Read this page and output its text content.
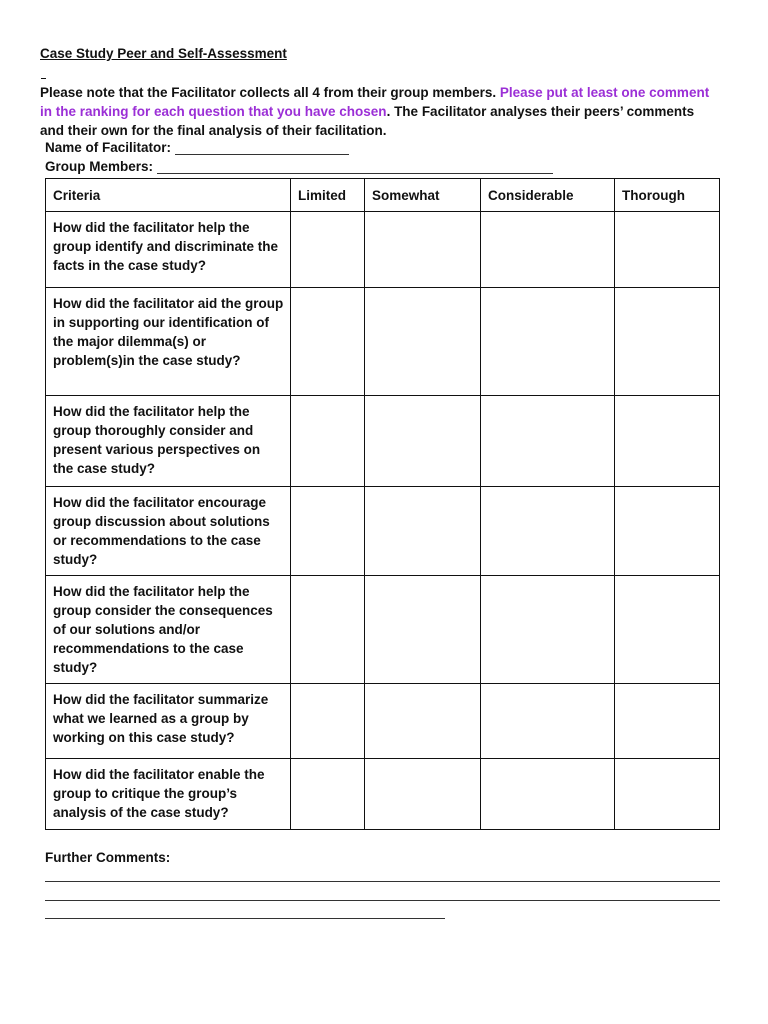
Case Study Peer and Self-Assessment
Please note that the Facilitator collects all 4 from their group members. Please put at least one comment in the ranking for each question that you have chosen. The Facilitator analyses their peers’ comments and their own for the final analysis of their facilitation.
Name of Facilitator:
Group Members:
Criteria	Limited	Somewhat	Considerable	Thorough
How did the facilitator help the group identify and discriminate the facts in the case study?				
How did the facilitator aid the group in supporting our identification of the major dilemma(s) or problem(s)in the case study?				
How did the facilitator help the group thoroughly consider and present various perspectives on the case study?				
How did the facilitator encourage group discussion about solutions or recommendations to the case study?				
How did the facilitator help the group consider the consequences of our solutions and/or recommendations to the case study?				
How did the facilitator summarize what we learned as a group by working on this case study?				
How did the facilitator enable the group to critique the group’s analysis of the case study?				
Further Comments:
